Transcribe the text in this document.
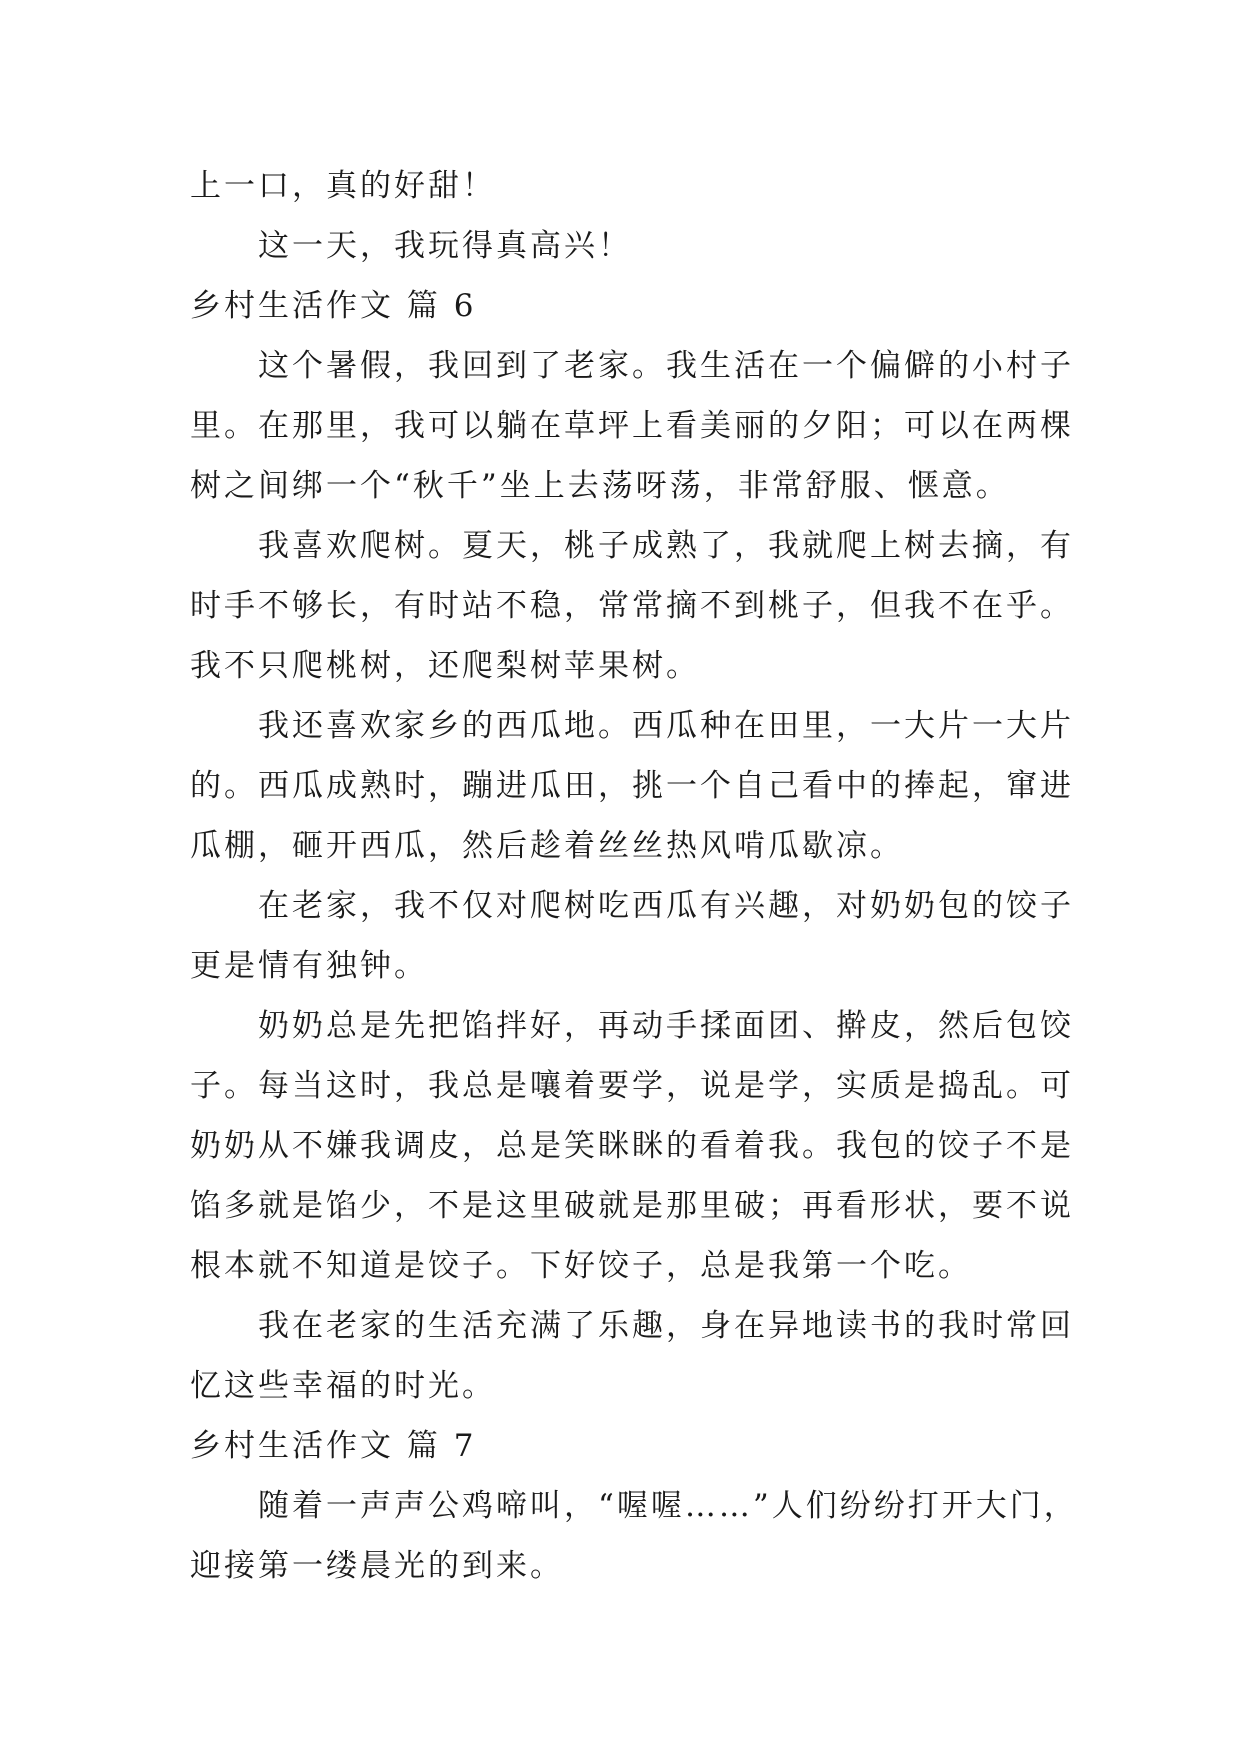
上一口，真的好甜！
这一天，我玩得真高兴！
乡村生活作文 篇 6
这个暑假，我回到了老家。我生活在一个偏僻的小村子
里。在那里，我可以躺在草坪上看美丽的夕阳；可以在两棵
树之间绑一个“秋千”坐上去荡呀荡，非常舒服、惬意。
我喜欢爬树。夏天，桃子成熟了，我就爬上树去摘，有
时手不够长，有时站不稳，常常摘不到桃子，但我不在乎。
我不只爬桃树，还爬梨树苹果树。
我还喜欢家乡的西瓜地。西瓜种在田里，一大片一大片
的。西瓜成熟时，蹦进瓜田，挑一个自己看中的捧起，窜进
瓜棚，砸开西瓜，然后趁着丝丝热风啃瓜歇凉。
在老家，我不仅对爬树吃西瓜有兴趣，对奶奶包的饺子
更是情有独钟。
奶奶总是先把馅拌好，再动手揉面团、擀皮，然后包饺
子。每当这时，我总是嚷着要学，说是学，实质是捣乱。可
奶奶从不嫌我调皮，总是笑眯眯的看着我。我包的饺子不是
馅多就是馅少，不是这里破就是那里破；再看形状，要不说
根本就不知道是饺子。下好饺子，总是我第一个吃。
我在老家的生活充满了乐趣，身在异地读书的我时常回
忆这些幸福的时光。
乡村生活作文 篇 7
随着一声声公鸡啼叫，“喔喔……”人们纷纷打开大门，
迎接第一缕晨光的到来。
